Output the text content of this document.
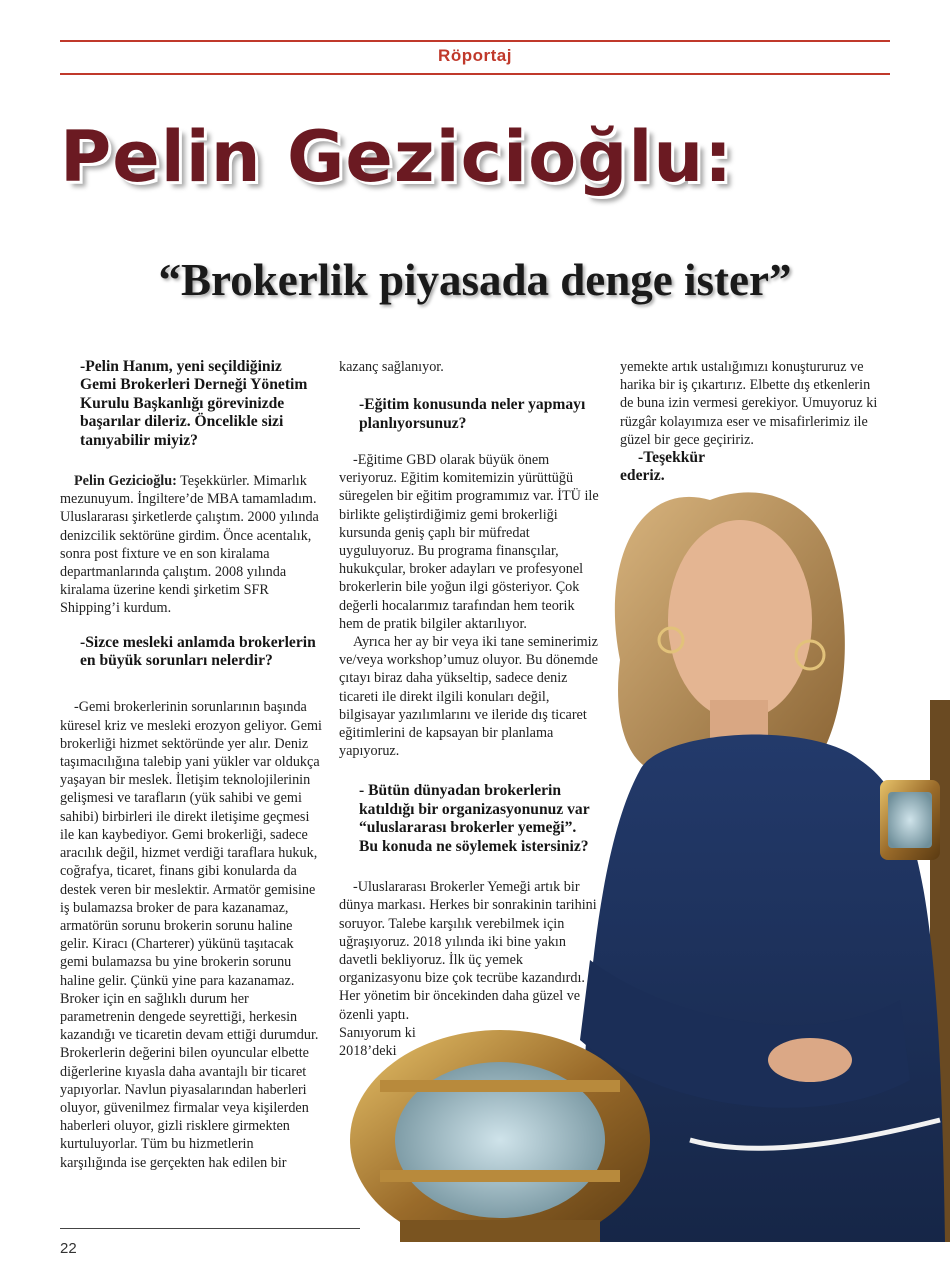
Röportaj
Pelin Gezicioğlu:
“Brokerlik piyasada denge ister”

-Pelin Hanım, yeni seçildiğiniz Gemi Brokerleri Derneği Yönetim Kurulu Başkanlığı görevinizde başarılar dileriz. Öncelikle sizi tanıyabilir miyiz?

Pelin Gezicioğlu: Teşekkürler. Mimarlık mezunuyum. İngiltere’de MBA tamamladım. Uluslararası şirketlerde çalıştım. 2000 yılında denizcilik sektörüne girdim. Önce acentalık, sonra post fixture ve en son kiralama departmanlarında çalıştım. 2008 yılında kiralama üzerine kendi şirketim SFR Shipping’i kurdum.

-Sizce mesleki anlamda brokerlerin en büyük sorunları nelerdir?

-Gemi brokerlerinin sorunlarının başında küresel kriz ve mesleki erozyon geliyor. Gemi brokerliği hizmet sektöründe yer alır. Deniz taşımacılığına talebip yani yükler var oldukça yaşayan bir meslek. İletişim teknolojilerinin gelişmesi ve tarafların (yük sahibi ve gemi sahibi) birbirleri ile direkt iletişime geçmesi ile kan kaybediyor. Gemi brokerliği, sadece aracılık değil, hizmet verdiği taraflara hukuk, coğrafya, ticaret, finans gibi konularda da destek veren bir meslektir. Armatör gemisine iş bulamazsa broker de para kazanamaz, armatörün sorunu brokerin sorunu haline gelir. Kiracı (Charterer) yükünü taşıtacak gemi bulamazsa bu yine brokerin sorunu haline gelir. Çünkü yine para kazanamaz. Broker için en sağlıklı durum her parametrenin dengede seyrettiği, herkesin kazandığı ve ticaretin devam ettiği durumdur. Brokerlerin değerini bilen oyuncular elbette diğerlerine kıyasla daha avantajlı bir ticaret yapıyorlar. Navlun piyasalarından haberleri oluyor, güvenilmez firmalar veya kişilerden haberleri oluyor, gizli risklere girmekten kurtuluyorlar. Tüm bu hizmetlerin karşılığında ise gerçekten hak edilen bir

kazanç sağlanıyor.

-Eğitim konusunda neler yapmayı planlıyorsunuz?

-Eğitime GBD olarak büyük önem veriyoruz. Eğitim komitemizin yürüttüğü süregelen bir eğitim programımız var. İTÜ ile birlikte geliştirdiğimiz gemi brokerliği kursunda geniş çaplı bir müfredat uyguluyoruz. Bu programa finansçılar, hukukçular, broker adayları ve profesyonel brokerlerin bile yoğun ilgi gösteriyor. Çok değerli hocalarımız tarafından hem teorik hem de pratik bilgiler aktarılıyor.

Ayrıca her ay bir veya iki tane seminerimiz ve/veya workshop’umuz oluyor. Bu dönemde çıtayı biraz daha yükseltip, sadece deniz ticareti ile direkt ilgili konuları değil, bilgisayar yazılımlarını ve ileride dış ticaret eğitimlerini de kapsayan bir planlama yapıyoruz.

- Bütün dünyadan brokerlerin katıldığı bir organizasyonunuz var “uluslararası brokerler yemeği”. Bu konuda ne söylemek istersiniz?

-Uluslararası Brokerler Yemeği artık bir dünya markası. Herkes bir sonrakinin tarihini soruyor. Talebe karşılık verebilmek için uğraşıyoruz. 2018 yılında iki bine yakın davetli bekliyoruz. İlk üç yemek organizasyonu bize çok tecrübe kazandırdı. Her yönetim bir öncekinden daha güzel ve özenli yaptı.

Sanıyorum ki

2018’deki

yemekte artık ustalığımızı konuştururuz ve harika bir iş çıkartırız. Elbette dış etkenlerin de buna izin vermesi gerekiyor. Umuyoruz ki rüzgâr kolayımıza eser ve misafirlerimiz ile güzel bir gece geçiririz.

-Teşekkür

ederiz.

22
